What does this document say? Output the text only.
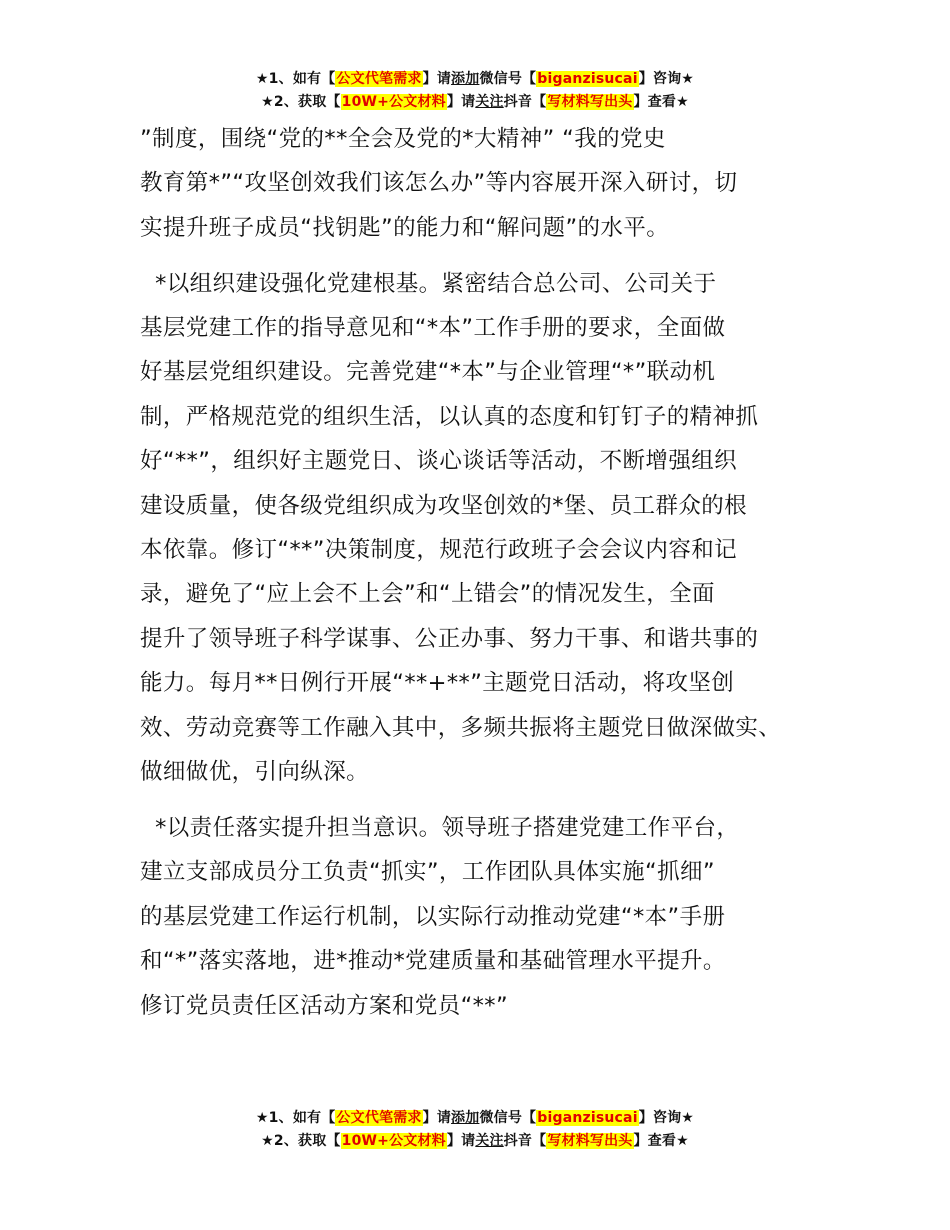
★1、如有【公文代笔需求】请添加微信号【biganzisucai】咨询★
★2、获取【10W+公文材料】请关注抖音【写材料写出头】查看★
”制度，围绕“党的**全会及党的*大精神” “我的党史
教育第*”“攻坚创效我们该怎么办”等内容展开深入研讨，切
实提升班子成员“找钥匙”的能力和“解问题”的水平。
*以组织建设强化党建根基。紧密结合总公司、公司关于
基层党建工作的指导意见和“*本”工作手册的要求，全面做
好基层党组织建设。完善党建“*本”与企业管理“*”联动机
制，严格规范党的组织生活，以认真的态度和钉钉子的精神抓
好“**”，组织好主题党日、谈心谈话等活动，不断增强组织
建设质量，使各级党组织成为攻坚创效的*堡、员工群众的根
本依靠。修订“**”决策制度，规范行政班子会会议内容和记
录，避免了“应上会不上会”和“上错会”的情况发生，全面
提升了领导班子科学谋事、公正办事、努力干事、和谐共事的
能力。每月**日例行开展“**+**”主题党日活动，将攻坚创
效、劳动竞赛等工作融入其中，多频共振将主题党日做深做实、
做细做优，引向纵深。
*以责任落实提升担当意识。领导班子搭建党建工作平台，
建立支部成员分工负责“抓实”，工作团队具体实施“抓细”
的基层党建工作运行机制，以实际行动推动党建“*本”手册
和“*”落实落地，进*推动*党建质量和基础管理水平提升。
修订党员责任区活动方案和党员“**”
★1、如有【公文代笔需求】请添加微信号【biganzisucai】咨询★
★2、获取【10W+公文材料】请关注抖音【写材料写出头】查看★
